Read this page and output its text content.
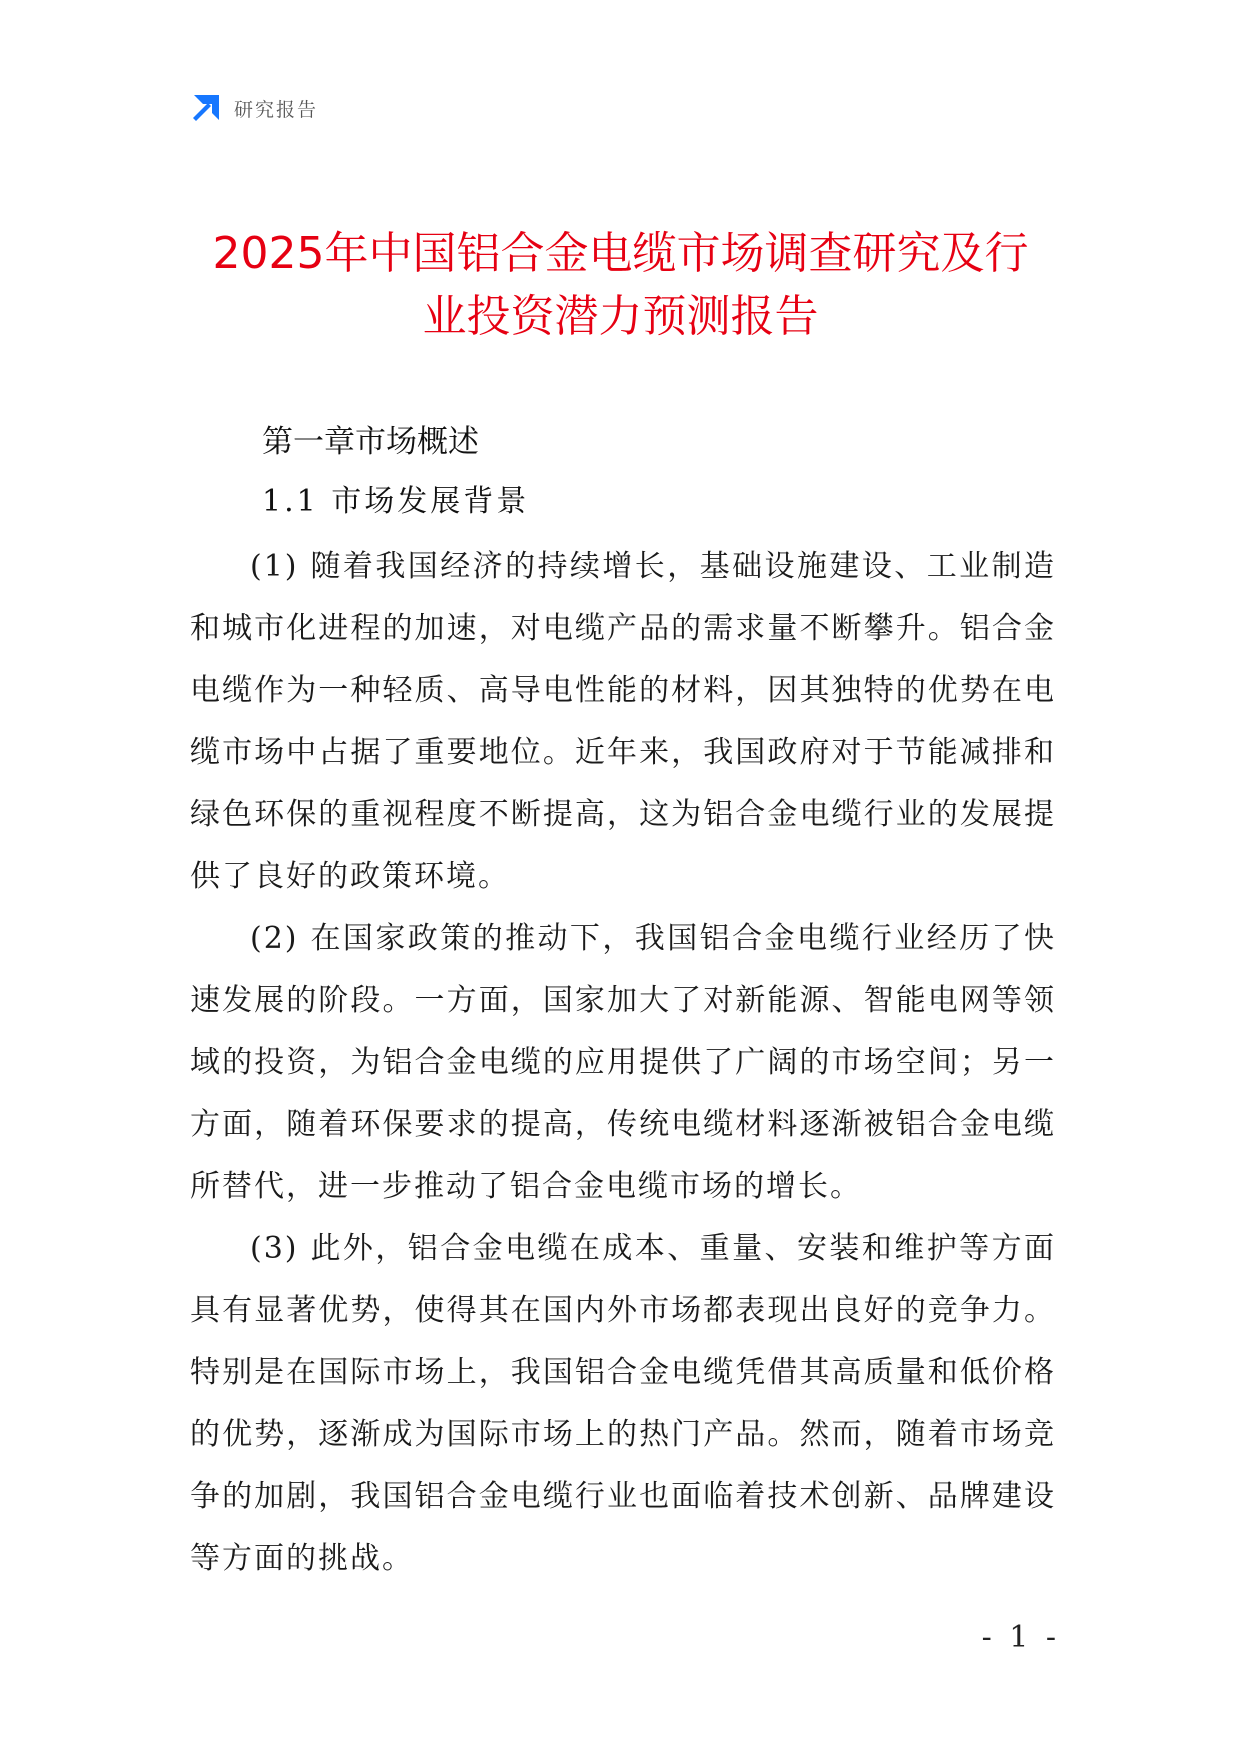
研究报告
2025年中国铝合金电缆市场调查研究及行
业投资潜力预测报告
第一章市场概述
1.1 市场发展背景

(1) 随着我国经济的持续增长，基础设施建设、工业制造和城市化进程的加速，对电缆产品的需求量不断攀升。铝合金电缆作为一种轻质、高导电性能的材料，因其独特的优势在电缆市场中占据了重要地位。近年来，我国政府对于节能减排和绿色环保的重视程度不断提高，这为铝合金电缆行业的发展提供了良好的政策环境。

(2) 在国家政策的推动下，我国铝合金电缆行业经历了快速发展的阶段。一方面，国家加大了对新能源、智能电网等领域的投资，为铝合金电缆的应用提供了广阔的市场空间；另一方面，随着环保要求的提高，传统电缆材料逐渐被铝合金电缆所替代，进一步推动了铝合金电缆市场的增长。

(3) 此外，铝合金电缆在成本、重量、安装和维护等方面具有显著优势，使得其在国内外市场都表现出良好的竞争力。特别是在国际市场上，我国铝合金电缆凭借其高质量和低价格的优势，逐渐成为国际市场上的热门产品。然而，随着市场竞争的加剧，我国铝合金电缆行业也面临着技术创新、品牌建设等方面的挑战。

- 1 -
